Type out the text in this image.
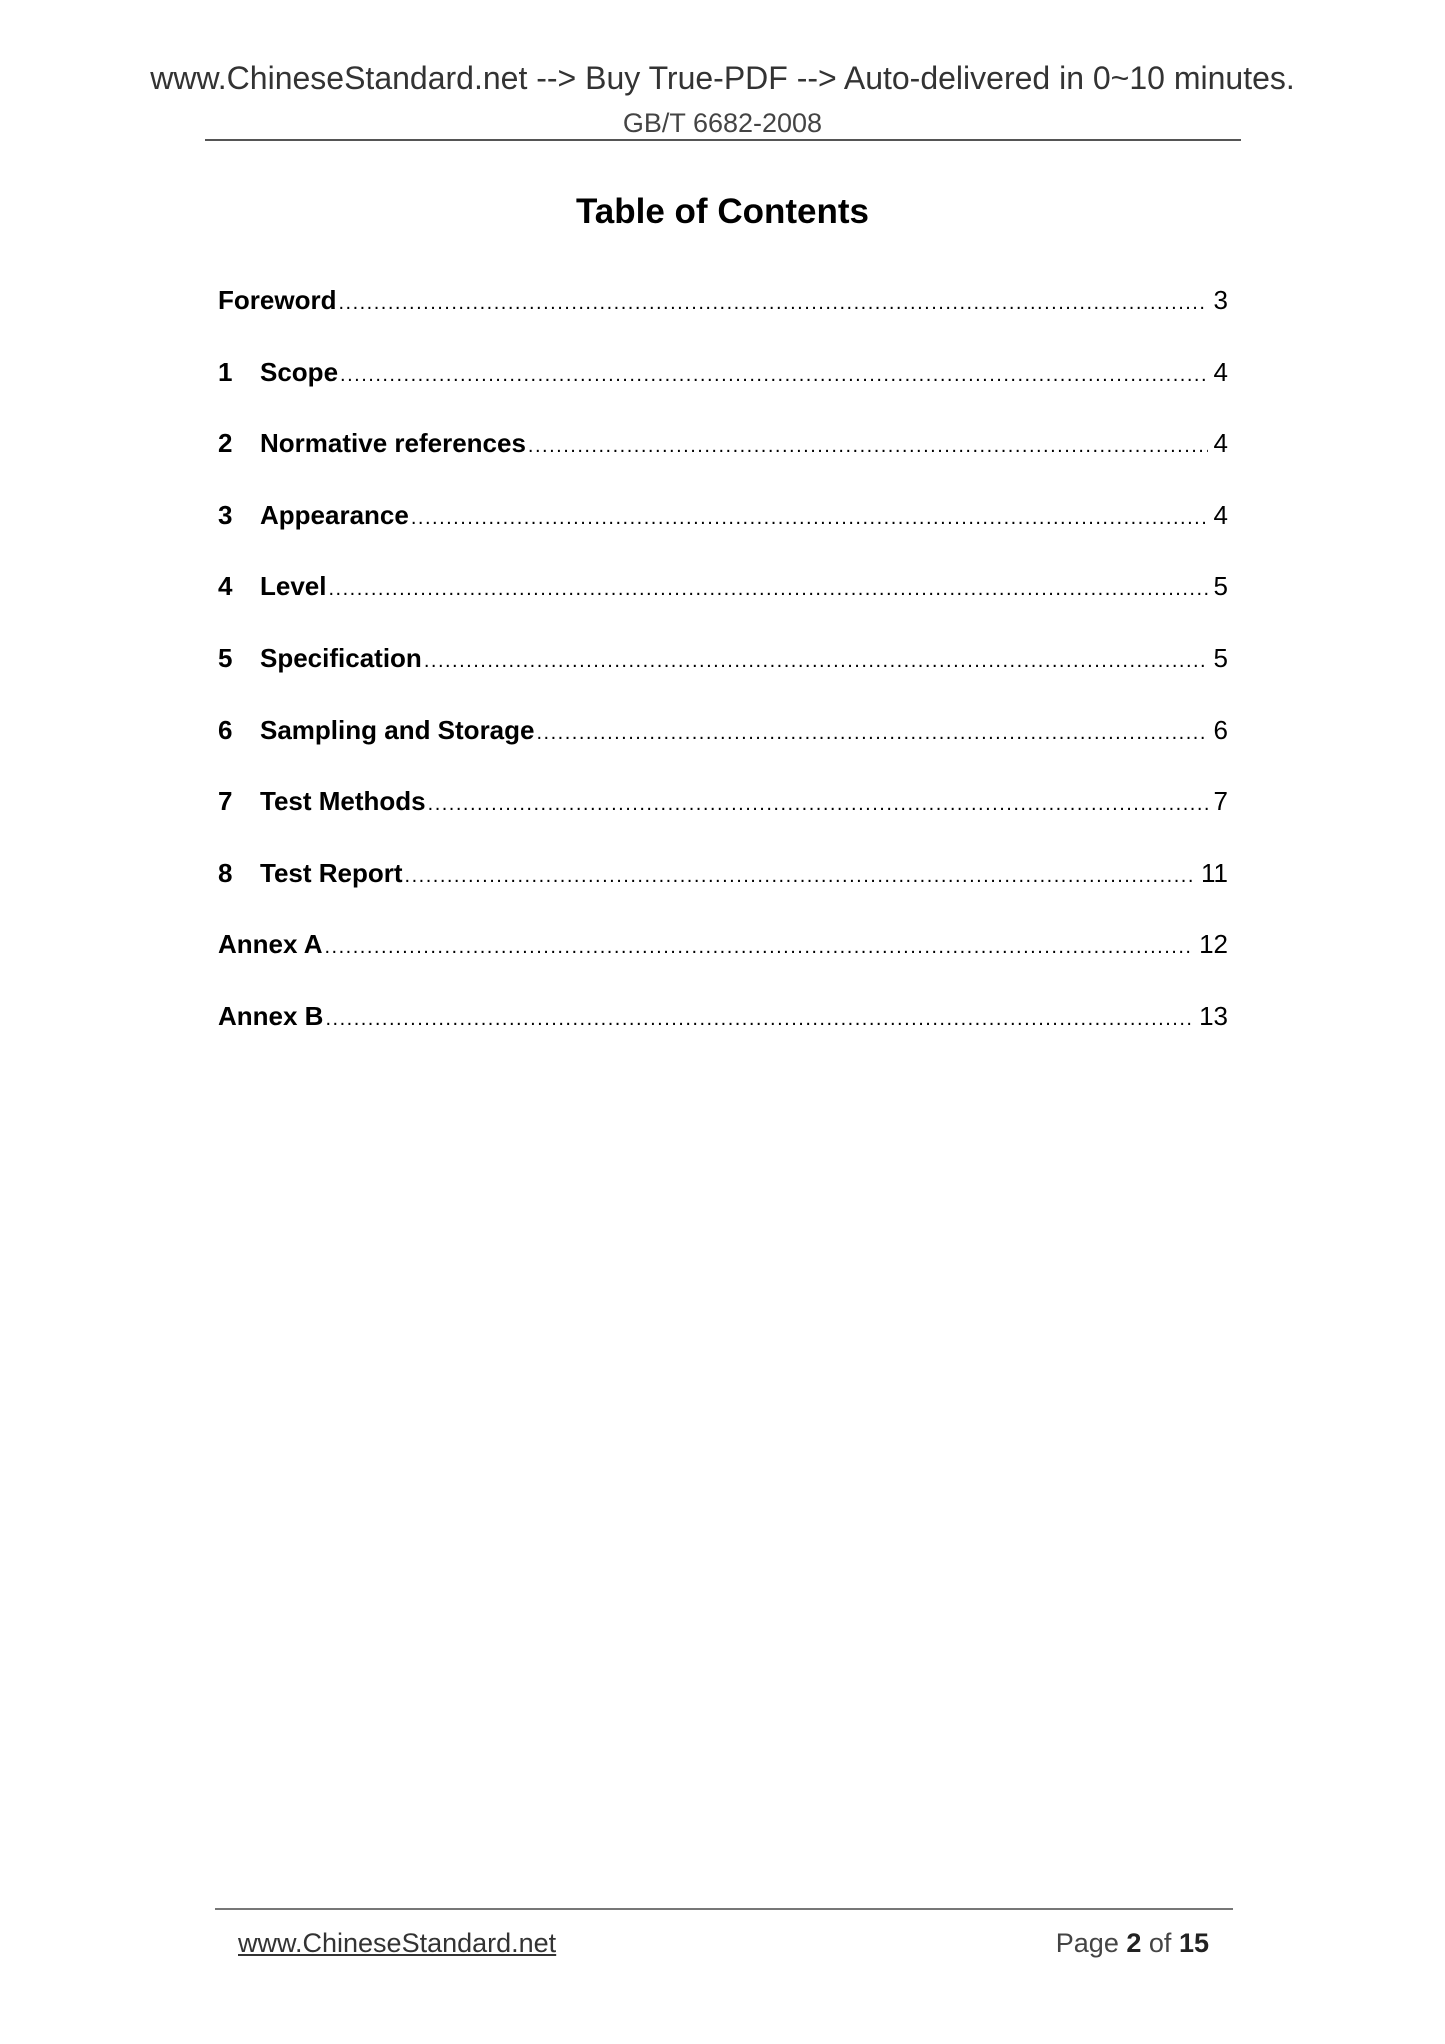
www.ChineseStandard.net --> Buy True-PDF --> Auto-delivered in 0~10 minutes.
GB/T 6682-2008
Table of Contents
Foreword .....	3
1	Scope .....	4
2	Normative references .....	4
3	Appearance .....	4
4	Level .....	5
5	Specification .....	5
6	Sampling and Storage .....	6
7	Test Methods .....	7
8	Test Report .....	11
Annex A .....	12
Annex B .....	13
www.ChineseStandard.net	Page 2 of 15
